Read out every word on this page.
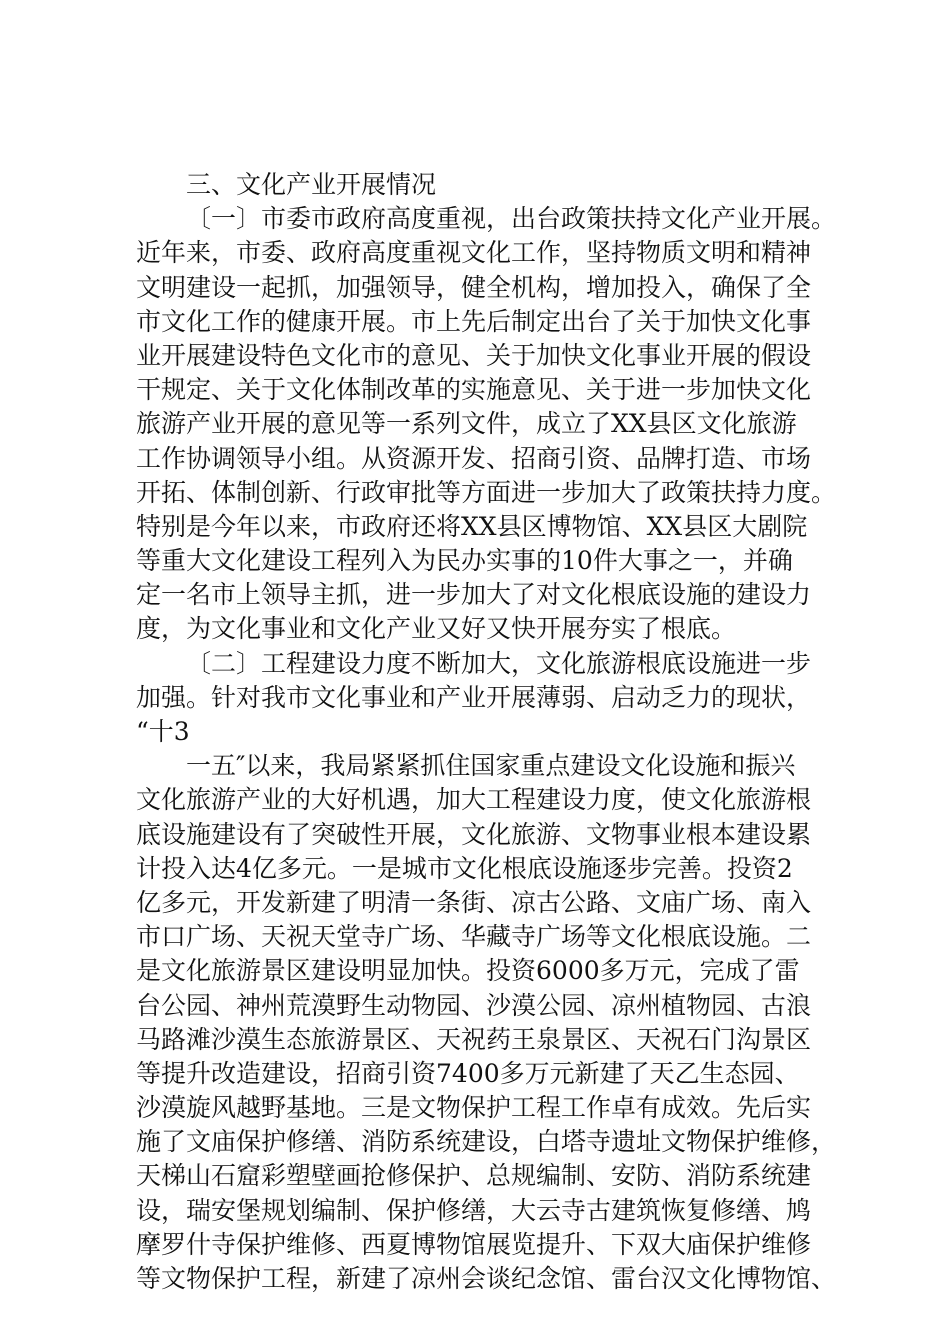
三、文化产业开展情况
〔一〕市委市政府高度重视，出台政策扶持文化产业开展。
近年来，市委、政府高度重视文化工作，坚持物质文明和精神
文明建设一起抓，加强领导，健全机构，增加投入，确保了全
市文化工作的健康开展。市上先后制定出台了关于加快文化事
业开展建设特色文化市的意见、关于加快文化事业开展的假设
干规定、关于文化体制改革的实施意见、关于进一步加快文化
旅游产业开展的意见等一系列文件，成立了XX县区文化旅游
工作协调领导小组。从资源开发、招商引资、品牌打造、市场
开拓、体制创新、行政审批等方面进一步加大了政策扶持力度。
特别是今年以来，市政府还将XX县区博物馆、XX县区大剧院
等重大文化建设工程列入为民办实事的10件大事之一，并确
定一名市上领导主抓，进一步加大了对文化根底设施的建设力
度，为文化事业和文化产业又好又快开展夯实了根底。
〔二〕工程建设力度不断加大，文化旅游根底设施进一步
加强。针对我市文化事业和产业开展薄弱、启动乏力的现状，
“十3
一五″以来，我局紧紧抓住国家重点建设文化设施和振兴
文化旅游产业的大好机遇，加大工程建设力度，使文化旅游根
底设施建设有了突破性开展，文化旅游、文物事业根本建设累
计投入达4亿多元。一是城市文化根底设施逐步完善。投资2
亿多元，开发新建了明清一条街、凉古公路、文庙广场、南入
市口广场、天祝天堂寺广场、华藏寺广场等文化根底设施。二
是文化旅游景区建设明显加快。投资6000多万元，完成了雷
台公园、神州荒漠野生动物园、沙漠公园、凉州植物园、古浪
马路滩沙漠生态旅游景区、天祝药王泉景区、天祝石门沟景区
等提升改造建设，招商引资7400多万元新建了天乙生态园、
沙漠旋风越野基地。三是文物保护工程工作卓有成效。先后实
施了文庙保护修缮、消防系统建设，白塔寺遗址文物保护维修，
天梯山石窟彩塑壁画抢修保护、总规编制、安防、消防系统建
设，瑞安堡规划编制、保护修缮，大云寺古建筑恢复修缮、鸠
摩罗什寺保护维修、西夏博物馆展览提升、下双大庙保护维修
等文物保护工程，新建了凉州会谈纪念馆、雷台汉文化博物馆、
